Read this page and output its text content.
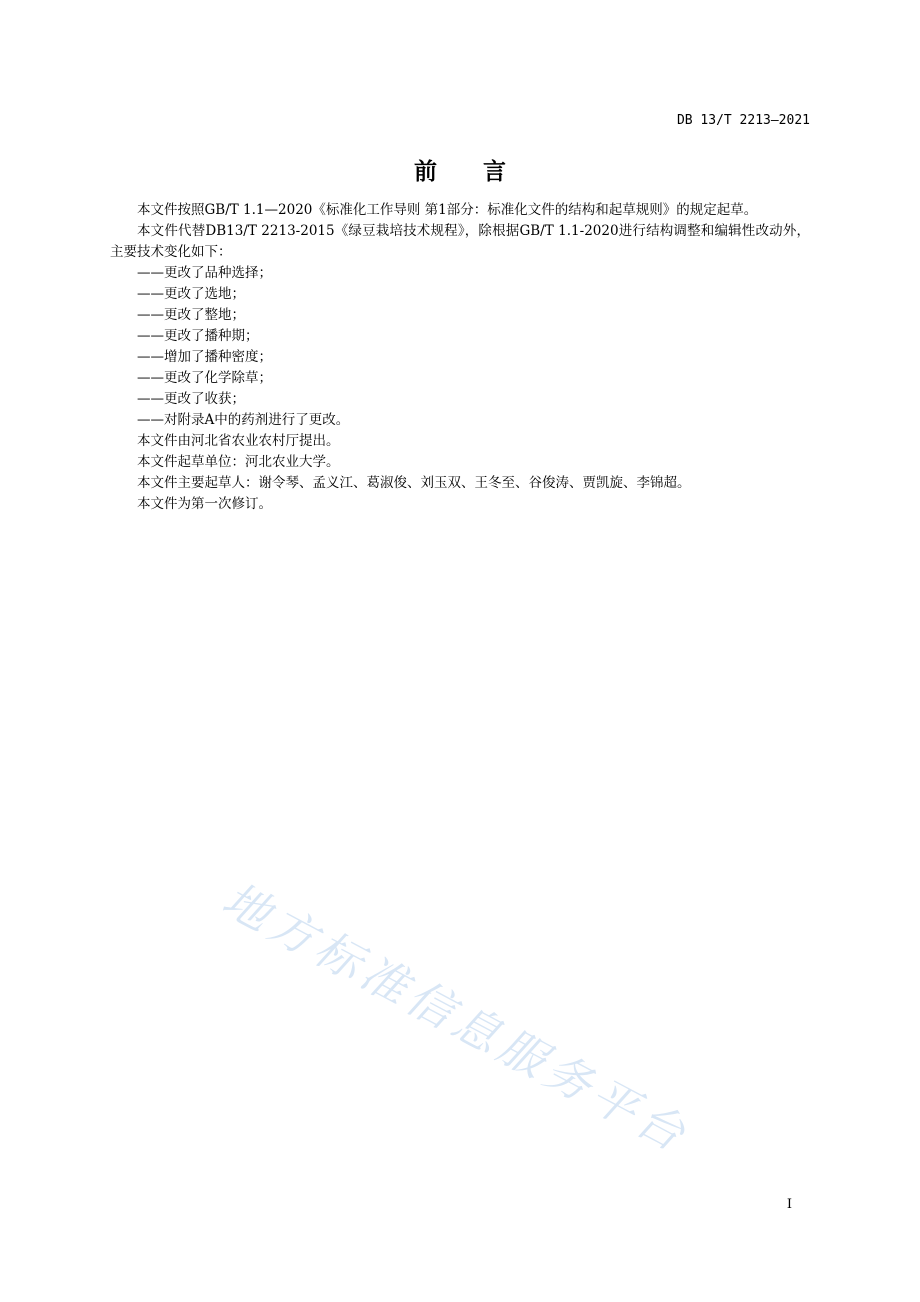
DB 13/T 2213—2021
前言

本文件按照GB/T 1.1—2020《标准化工作导则 第1部分：标准化文件的结构和起草规则》的规定起草。

本文件代替DB13/T 2213-2015《绿豆栽培技术规程》，除根据GB/T 1.1-2020进行结构调整和编辑性改动外，主要技术变化如下：

——更改了品种选择；
——更改了选地；
——更改了整地；
——更改了播种期；
——增加了播种密度；
——更改了化学除草；
——更改了收获；
——对附录A中的药剂进行了更改。

本文件由河北省农业农村厅提出。

本文件起草单位：河北农业大学。

本文件主要起草人：谢令琴、孟义江、葛淑俊、刘玉双、王冬至、谷俊涛、贾凯旋、李锦超。

本文件为第一次修订。

地方标准信息服务平台
I
